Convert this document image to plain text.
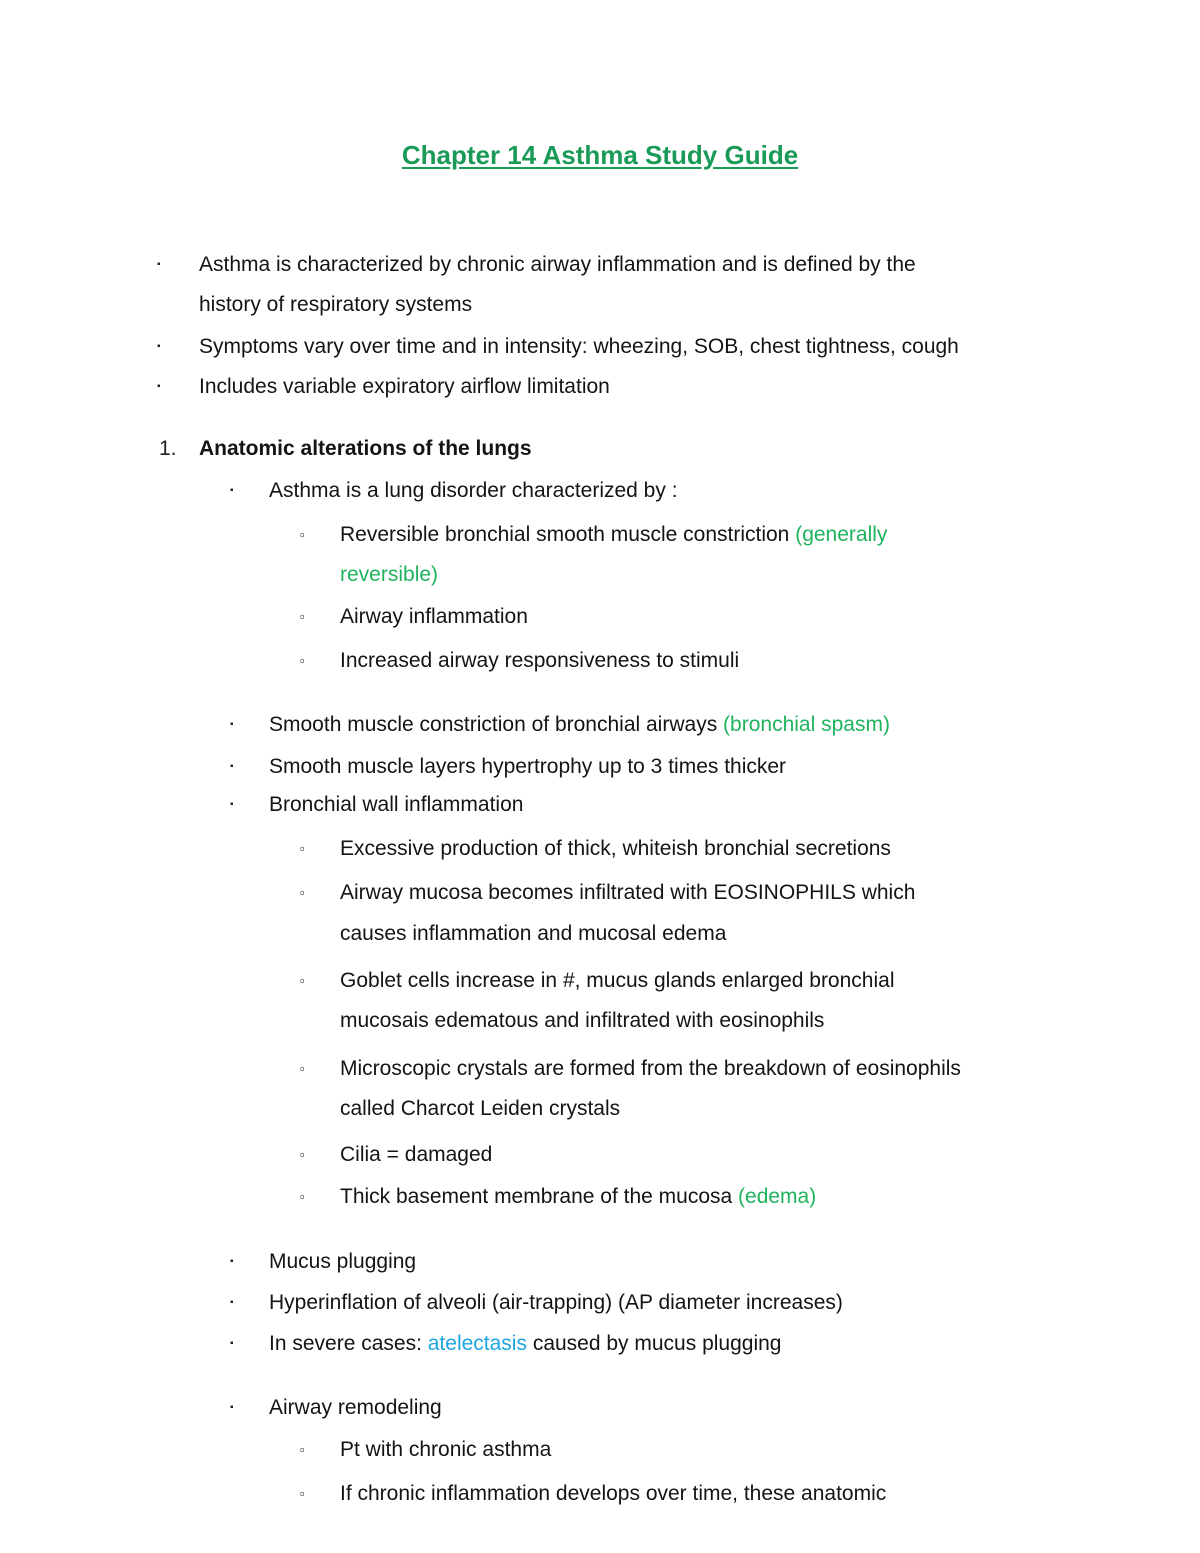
Chapter 14 Asthma Study Guide
▪ Asthma is characterized by chronic airway inflammation and is defined by the
history of respiratory systems
▪ Symptoms vary over time and in intensity: wheezing, SOB, chest tightness, cough
▪ Includes variable expiratory airflow limitation
1. Anatomic alterations of the lungs
▪ Asthma is a lung disorder characterized by :
▫ Reversible bronchial smooth muscle constriction (generally
reversible)
▫ Airway inflammation
▫ Increased airway responsiveness to stimuli
▪ Smooth muscle constriction of bronchial airways (bronchial spasm)
▪ Smooth muscle layers hypertrophy up to 3 times thicker
▪ Bronchial wall inflammation
▫ Excessive production of thick, whiteish bronchial secretions
▫ Airway mucosa becomes infiltrated with EOSINOPHILS which
causes inflammation and mucosal edema
▫ Goblet cells increase in #, mucus glands enlarged bronchial
mucosais edematous and infiltrated with eosinophils
▫ Microscopic crystals are formed from the breakdown of eosinophils
called Charcot Leiden crystals
▫ Cilia = damaged
▫ Thick basement membrane of the mucosa (edema)
▪ Mucus plugging
▪ Hyperinflation of alveoli (air-trapping) (AP diameter increases)
▪ In severe cases: atelectasis caused by mucus plugging
▪ Airway remodeling
▫ Pt with chronic asthma
▫ If chronic inflammation develops over time, these anatomic
